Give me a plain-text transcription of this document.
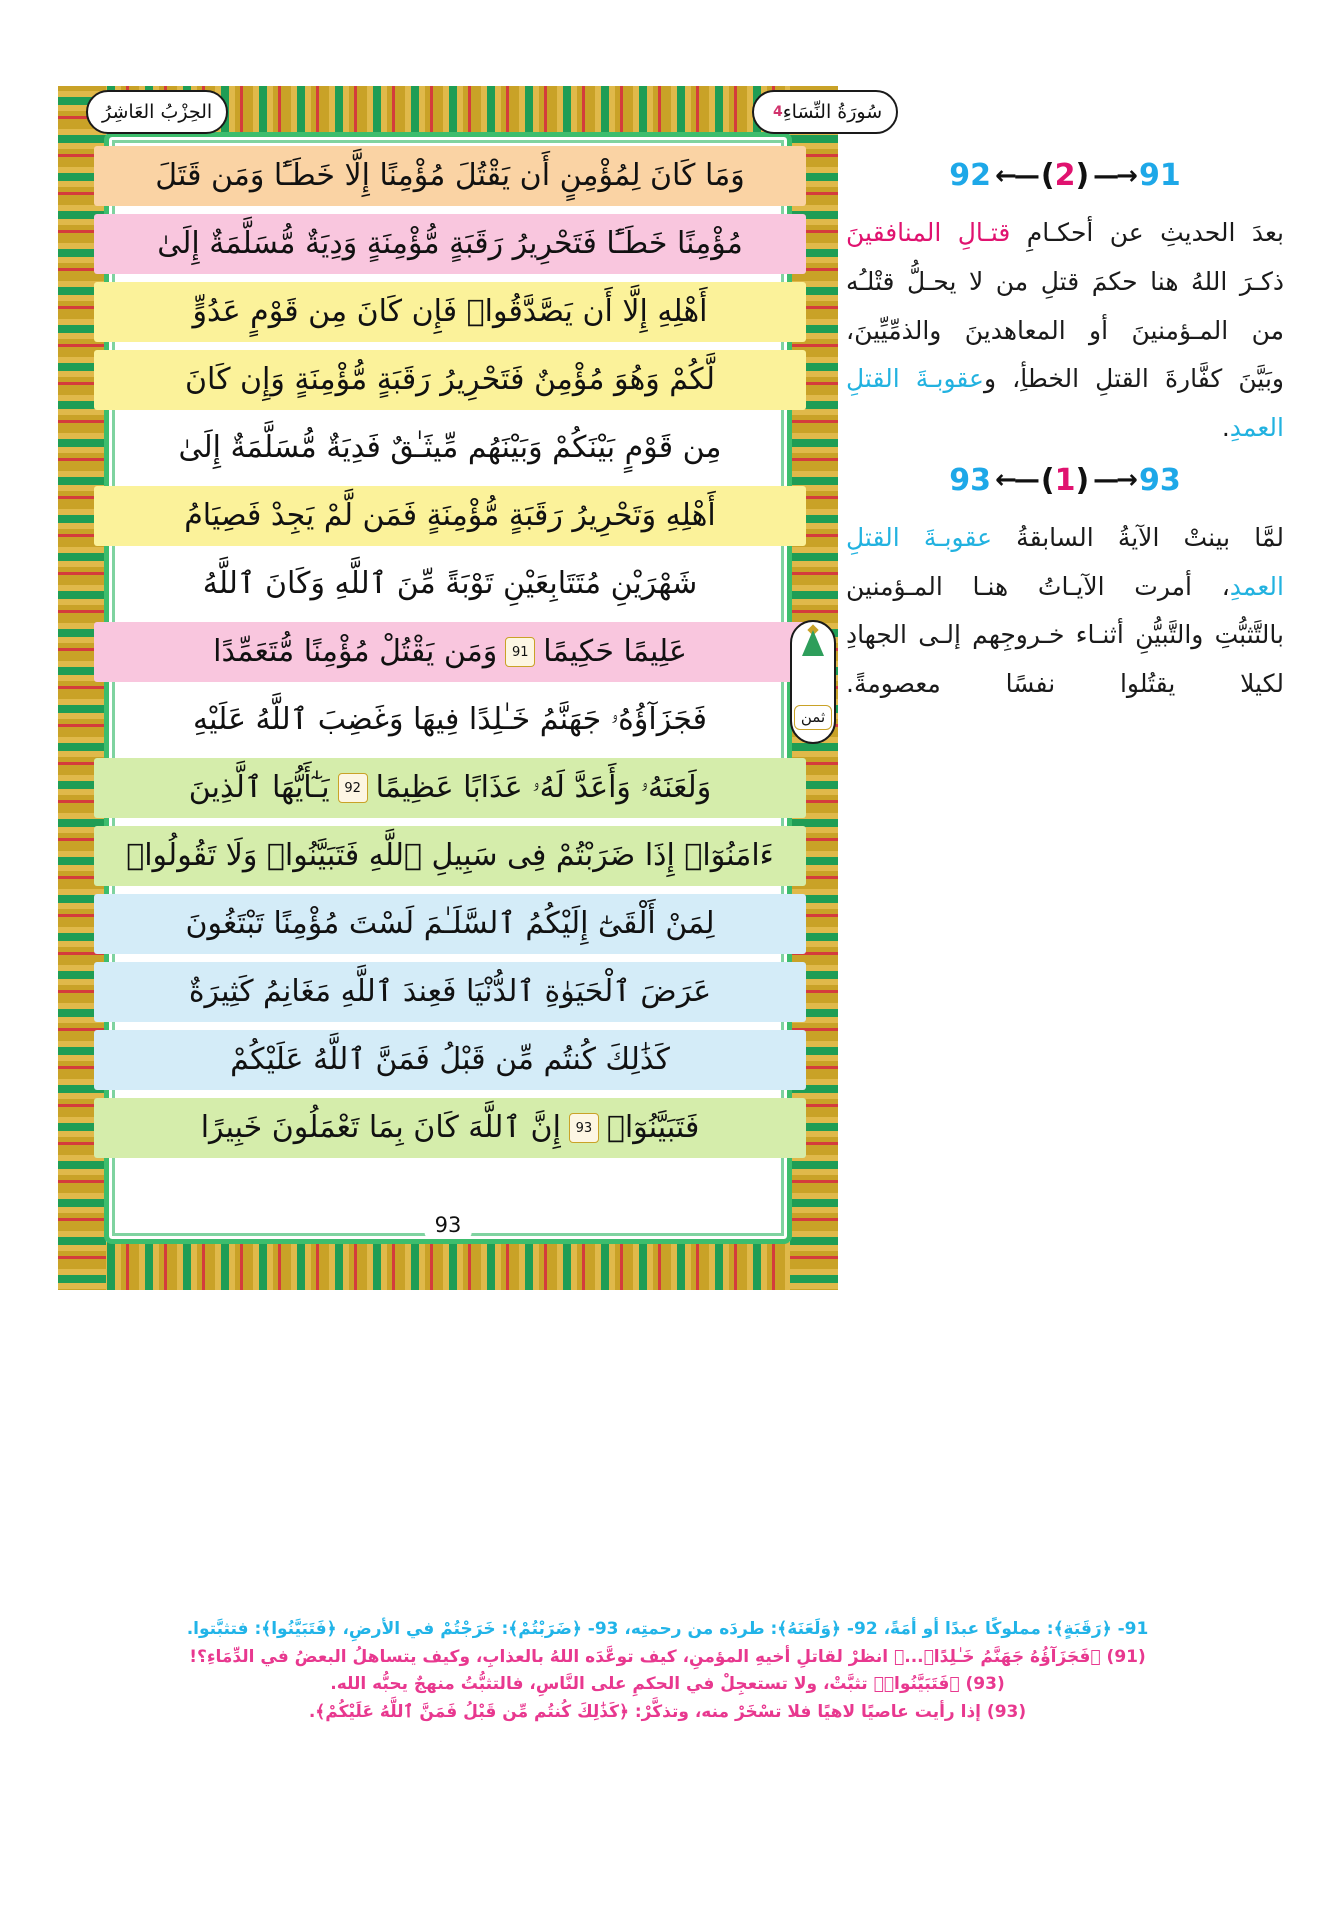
93
الحِزْبُ العَاشِرُ	سُورَةُ النِّسَاءِ
4
ثمن
وَمَا كَانَ لِمُؤْمِنٍ أَن يَقْتُلَ مُؤْمِنًا إِلَّا خَطَـًٔا وَمَن قَتَلَ
مُؤْمِنًا خَطَـًٔا فَتَحْرِيرُ رَقَبَةٍ مُّؤْمِنَةٍ وَدِيَةٌ مُّسَلَّمَةٌ إِلَىٰ
أَهْلِهِ إِلَّا أَن يَصَّدَّقُوا۟ فَإِن كَانَ مِن قَوْمٍ عَدُوٍّ
لَّكُمْ وَهُوَ مُؤْمِنٌ فَتَحْرِيرُ رَقَبَةٍ مُّؤْمِنَةٍ وَإِن كَانَ
مِن قَوْمٍ بَيْنَكُمْ وَبَيْنَهُم مِّيثَـٰقٌ فَدِيَةٌ مُّسَلَّمَةٌ إِلَىٰ
أَهْلِهِ وَتَحْرِيرُ رَقَبَةٍ مُّؤْمِنَةٍ فَمَن لَّمْ يَجِدْ فَصِيَامُ
شَهْرَيْنِ مُتَتَابِعَيْنِ تَوْبَةً مِّنَ ٱللَّهِ وَكَانَ ٱللَّهُ
عَلِيمًا حَكِيمًا
91
وَمَن يَقْتُلْ مُؤْمِنًا مُّتَعَمِّدًا
فَجَزَآؤُهُۥ جَهَنَّمُ خَـٰلِدًا فِيهَا وَغَضِبَ ٱللَّهُ عَلَيْهِ
وَلَعَنَهُۥ وَأَعَدَّ لَهُۥ عَذَابًا عَظِيمًا
92
يَـٰٓأَيُّهَا ٱلَّذِينَ
ءَامَنُوٓا۟ إِذَا ضَرَبْتُمْ فِى سَبِيلِ ٱللَّهِ فَتَبَيَّنُوا۟ وَلَا تَقُولُوا۟
لِمَنْ أَلْقَىٰٓ إِلَيْكُمُ ٱلسَّلَـٰمَ لَسْتَ مُؤْمِنًا تَبْتَغُونَ
عَرَضَ ٱلْحَيَوٰةِ ٱلدُّنْيَا فَعِندَ ٱللَّهِ مَغَانِمُ كَثِيرَةٌ
كَذَٰلِكَ كُنتُم مِّن قَبْلُ فَمَنَّ ٱللَّهُ عَلَيْكُمْ
فَتَبَيَّنُوٓا۟
93
إِنَّ ٱللَّهَ كَانَ بِمَا تَعْمَلُونَ خَبِيرًا
92 ←— (2) —→ 91

بعدَ الحديثِ عن أحكـامِ قتـالِ المنافقينَ ذكـرَ اللهُ هنا حكمَ قتلِ من لا يحـلُّ قتْلـُه من المـؤمنينَ أو المعاهدينَ والذمِّيِّينَ، وبَيَّنَ كفَّارةَ القتلِ الخطأِ، وعقوبـةَ القتلِ العمدِ.

93 ←— (1) —→ 93

لمَّا بينتْ الآيةُ السابقةُ عقوبـةَ القتلِ العمدِ، أمرت الآيـاتُ هنـا المـؤمنين بالتَّثبُّتِ والتَّبيُّنِ أثنـاء خـروجِهم إلـى الجهادِ لكيلا يقتُلوا نفسًا معصومةً.

91- ﴿رَقَبَةٍ﴾: مملوكًا عبدًا أو أمَةً، 92- ﴿وَلَعَنَهُ﴾: طردَه من رحمتِه، 93- ﴿ضَرَبْتُمْ﴾: خَرَجْتُمْ في الأرضِ، ﴿فَتَبَيَّنُوا﴾: فتثبَّتوا.
(91) ﴿فَجَزَآؤُهُ جَهَنَّمُ خَـٰلِدًاۭ...﴾ انظرْ لقاتلِ أخيهِ المؤمنِ، كيف توعَّدَه اللهُ بالعذابِ، وكيف يتساهلُ البعضُ في الدِّمَاءِ؟!
(93) ﴿فَتَبَيَّنُوا۟﴾ تثبَّتْ، ولا تستعجِلْ في الحكمِ على النَّاسِ، فالتثبُّتُ منهجٌ يحبُّه الله.
(93) إذا رأيت عاصيًا لاهيًا فلا تسْخَرْ منه، وتذكَّرْ: ﴿كَذَٰلِكَ كُنتُم مِّن قَبْلُ فَمَنَّ ٱللَّهُ عَلَيْكُمْ﴾.
